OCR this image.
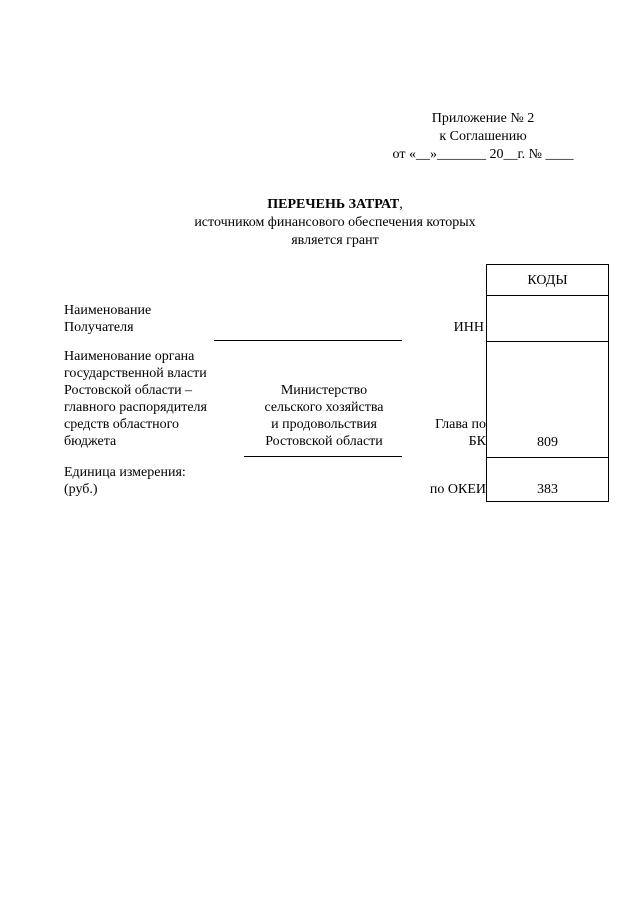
Приложение № 2
к Соглашению
от «__»_______ 20__г. № ____
ПЕРЕЧЕНЬ ЗАТРАТ,
источником финансового обеспечения которых
является грант
КОДЫ
809
383
Наименование
Получателя	ИНН
Наименование органа
государственной власти
Ростовской области –
главного распорядителя
средств областного
бюджета
Министерство
сельского хозяйства
и продовольствия
Ростовской области
Глава по
БК
Единица измерения:
(руб.)	по ОКЕИ
